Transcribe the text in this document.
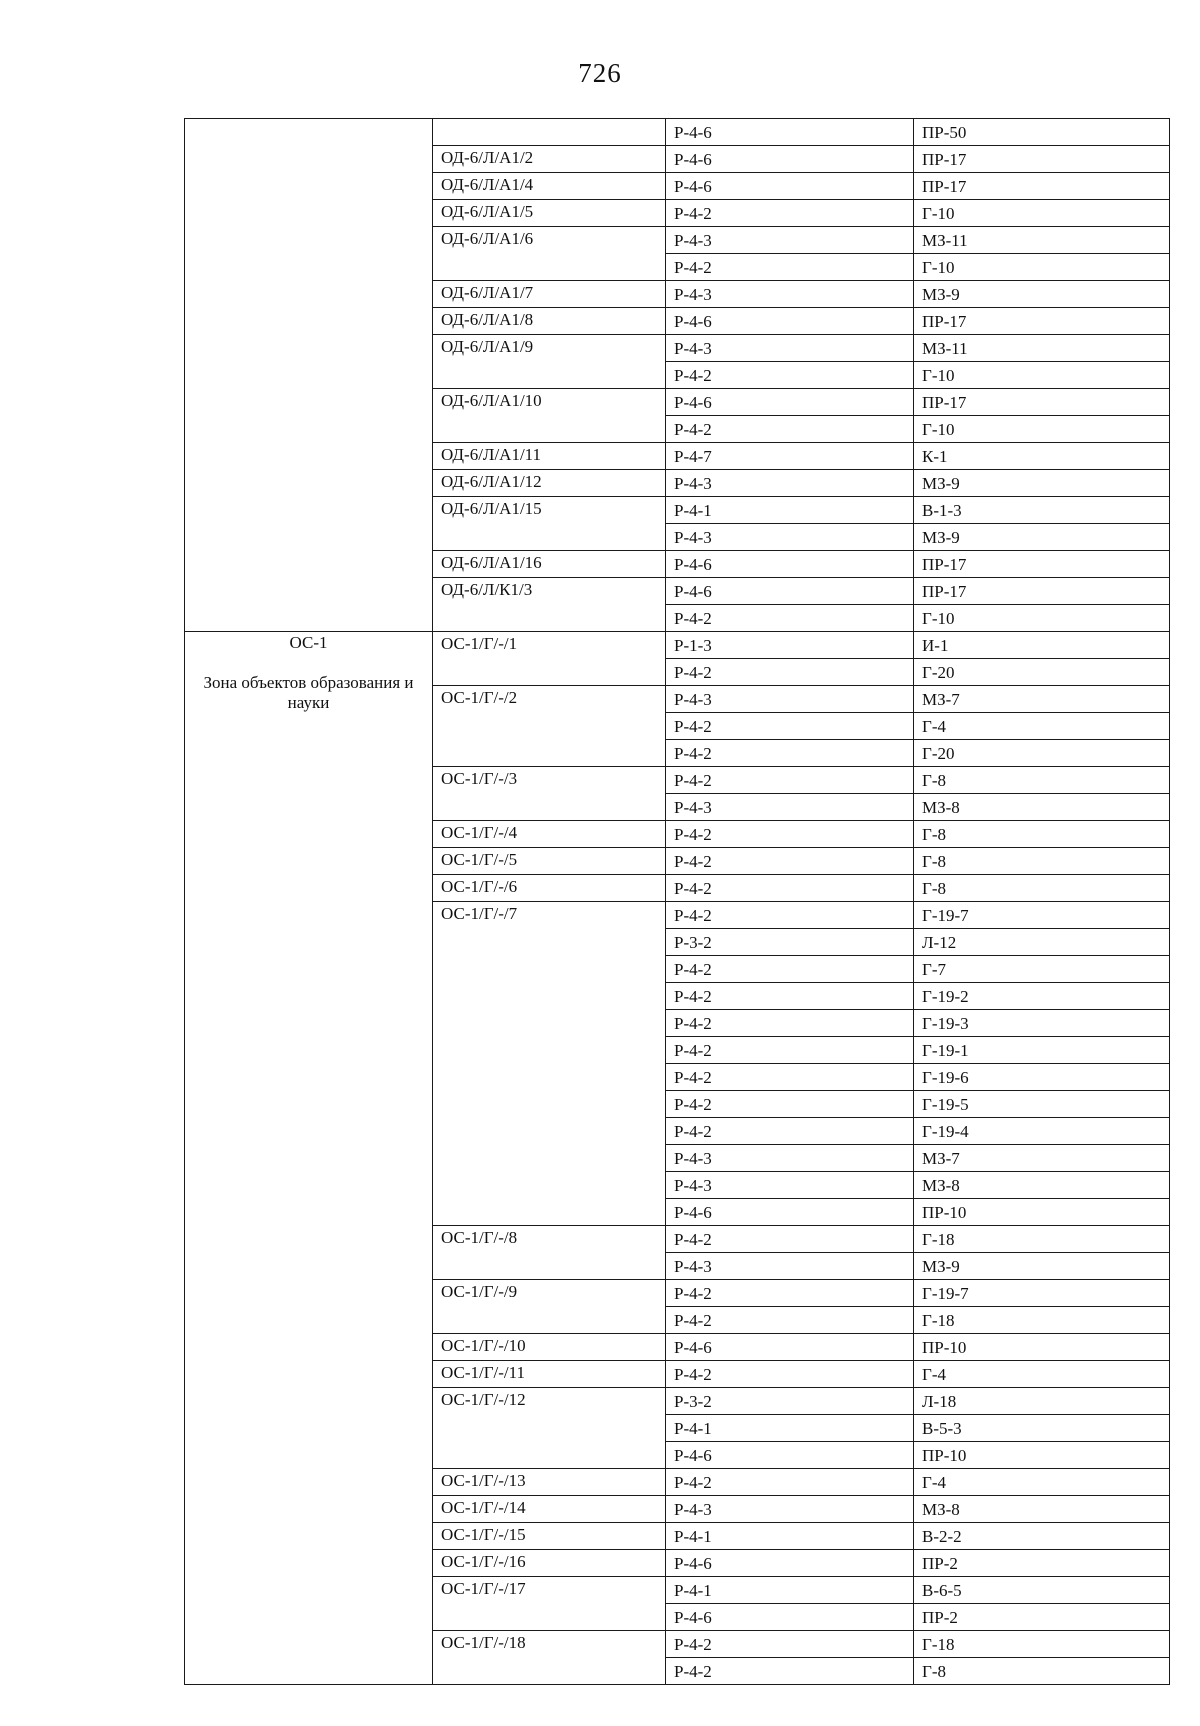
726
		Р-4-6	ПР-50
	ОД-6/Л/А1/2	Р-4-6	ПР-17
	ОД-6/Л/А1/4	Р-4-6	ПР-17
	ОД-6/Л/А1/5	Р-4-2	Г-10
	ОД-6/Л/А1/6	Р-4-3	МЗ-11
		Р-4-2	Г-10
	ОД-6/Л/А1/7	Р-4-3	МЗ-9
	ОД-6/Л/А1/8	Р-4-6	ПР-17
	ОД-6/Л/А1/9	Р-4-3	МЗ-11
		Р-4-2	Г-10
	ОД-6/Л/А1/10	Р-4-6	ПР-17
		Р-4-2	Г-10
	ОД-6/Л/А1/11	Р-4-7	К-1
	ОД-6/Л/А1/12	Р-4-3	МЗ-9
	ОД-6/Л/А1/15	Р-4-1	В-1-3
		Р-4-3	МЗ-9
	ОД-6/Л/А1/16	Р-4-6	ПР-17
	ОД-6/Л/К1/3	Р-4-6	ПР-17
		Р-4-2	Г-10

ОС-1
Зона объектов образования и науки	ОС-1/Г/-/1	Р-1-3	И-1
		Р-4-2	Г-20
	ОС-1/Г/-/2	Р-4-3	МЗ-7
		Р-4-2	Г-4
		Р-4-2	Г-20
	ОС-1/Г/-/3	Р-4-2	Г-8
		Р-4-3	МЗ-8
	ОС-1/Г/-/4	Р-4-2	Г-8
	ОС-1/Г/-/5	Р-4-2	Г-8
	ОС-1/Г/-/6	Р-4-2	Г-8
	ОС-1/Г/-/7	Р-4-2	Г-19-7
		Р-3-2	Л-12
		Р-4-2	Г-7
		Р-4-2	Г-19-2
		Р-4-2	Г-19-3
		Р-4-2	Г-19-1
		Р-4-2	Г-19-6
		Р-4-2	Г-19-5
		Р-4-2	Г-19-4
		Р-4-3	МЗ-7
		Р-4-3	МЗ-8
		Р-4-6	ПР-10
	ОС-1/Г/-/8	Р-4-2	Г-18
		Р-4-3	МЗ-9
	ОС-1/Г/-/9	Р-4-2	Г-19-7
		Р-4-2	Г-18
	ОС-1/Г/-/10	Р-4-6	ПР-10
	ОС-1/Г/-/11	Р-4-2	Г-4
	ОС-1/Г/-/12	Р-3-2	Л-18
		Р-4-1	В-5-3
		Р-4-6	ПР-10
	ОС-1/Г/-/13	Р-4-2	Г-4
	ОС-1/Г/-/14	Р-4-3	МЗ-8
	ОС-1/Г/-/15	Р-4-1	В-2-2
	ОС-1/Г/-/16	Р-4-6	ПР-2
	ОС-1/Г/-/17	Р-4-1	В-6-5
		Р-4-6	ПР-2
	ОС-1/Г/-/18	Р-4-2	Г-18
		Р-4-2	Г-8
